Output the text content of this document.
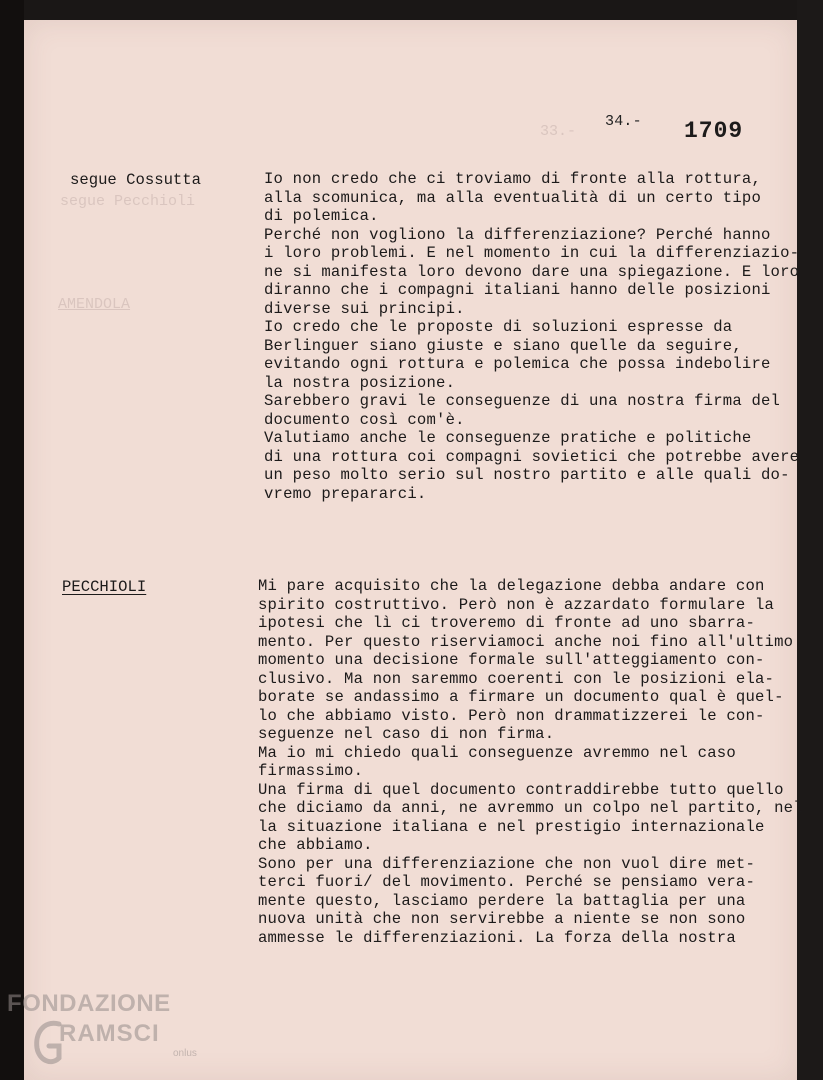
33.-
segue Pecchioli
AMENDOLA
34.- 1709
segue Cossutta	Io non credo che ci troviamo di fronte alla rottura,
alla scomunica, ma alla eventualità di un certo tipo
di polemica.
Perché non vogliono la differenziazione? Perché hanno
i loro problemi. E nel momento in cui la differenziazio-
ne si manifesta loro devono dare una spiegazione. E loro
diranno che i compagni italiani hanno delle posizioni
diverse sui principi.
Io credo che le proposte di soluzioni espresse da
Berlinguer siano giuste e siano quelle da seguire,
evitando ogni rottura e polemica che possa indebolire
la nostra posizione.
Sarebbero gravi le conseguenze di una nostra firma del
documento così com'è.
Valutiamo anche le conseguenze pratiche e politiche
di una rottura coi compagni sovietici che potrebbe avere
un peso molto serio sul nostro partito e alle quali do-
vremo prepararci.
PECCHIOLI	Mi pare acquisito che la delegazione debba andare con
spirito costruttivo. Però non è azzardato formulare la
ipotesi che lì ci troveremo di fronte ad uno sbarra-
mento. Per questo riserviamoci anche noi fino all'ultimo
momento una decisione formale sull'atteggiamento con-
clusivo. Ma non saremmo coerenti con le posizioni ela-
borate se andassimo a firmare un documento qual è quel-
lo che abbiamo visto. Però non drammatizzerei le con-
seguenze nel caso di non firma.
Ma io mi chiedo quali conseguenze avremmo nel caso
firmassimo.
Una firma di quel documento contraddirebbe tutto quello
che diciamo da anni, ne avremmo un colpo nel partito, nel
la situazione italiana e nel prestigio internazionale
che abbiamo.
Sono per una differenziazione che non vuol dire met-
terci fuori/ del movimento. Perché se pensiamo vera-
mente questo, lasciamo perdere la battaglia per una
nuova unità che non servirebbe a niente se non sono
ammesse le differenziazioni. La forza della nostra
FONDAZIONE
RAMSCI
onlus
